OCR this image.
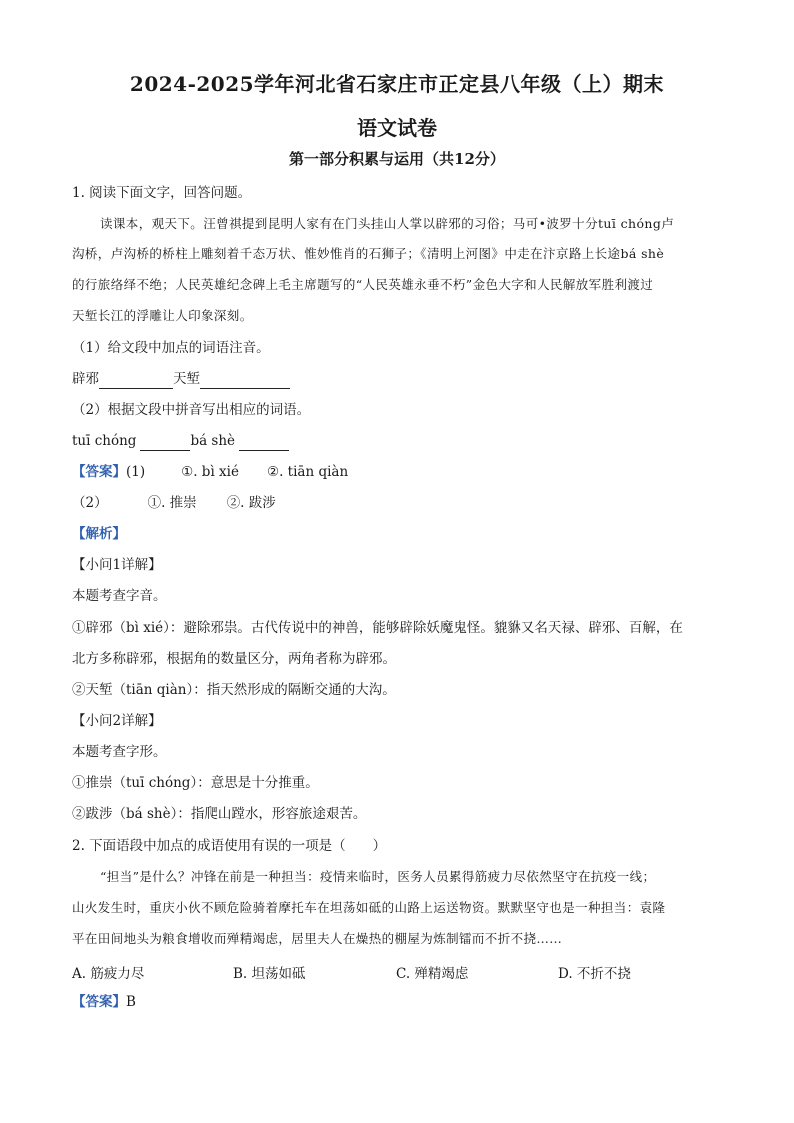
2024-2025学年河北省石家庄市正定县八年级（上）期末
语文试卷
第一部分积累与运用（共12分）
1. 阅读下面文字，回答问题。
读课本，观天下。汪曾祺提到昆明人家有在门头挂山人掌以辟邪的习俗；马可•波罗十分tuī chóng卢
沟桥，卢沟桥的桥柱上雕刻着千态万状、惟妙惟肖的石狮子；《清明上河图》中走在汴京路上长途bá shè
的行旅络绎不绝；人民英雄纪念碑上毛主席题写的“人民英雄永垂不朽”金色大字和人民解放军胜利渡过
天堑长江的浮雕让人印象深刻。
（1）给文段中加点的词语注音。
辟邪	天堑
（2）根据文段中拼音写出相应的词语。
tuī chóng	bá shè
【答案】(1)	①. bì xié ②. tiān qiàn
（2）	①. 推崇 ②. 跋涉
【解析】
【小问1详解】
本题考查字音。
①辟邪（bì xié）：避除邪祟。古代传说中的神兽，能够辟除妖魔鬼怪。貔貅又名天禄、辟邪、百解，在
北方多称辟邪，根据角的数量区分，两角者称为辟邪。
②天堑（tiān qiàn）：指天然形成的隔断交通的大沟。
【小问2详解】
本题考查字形。
①推崇（tuī chóng）：意思是十分推重。
②跋涉（bá shè）：指爬山蹚水，形容旅途艰苦。
2. 下面语段中加点的成语使用有误的一项是（　　）
“担当”是什么？冲锋在前是一种担当：疫情来临时，医务人员累得筋疲力尽依然坚守在抗疫一线；
山火发生时，重庆小伙不顾危险骑着摩托车在坦荡如砥的山路上运送物资。默默坚守也是一种担当：袁隆
平在田间地头为粮食增收而殚精竭虑，居里夫人在燥热的棚屋为炼制镭而不折不挠……
A. 筋疲力尽	B. 坦荡如砥	C. 殚精竭虑	D. 不折不挠
【答案】B
